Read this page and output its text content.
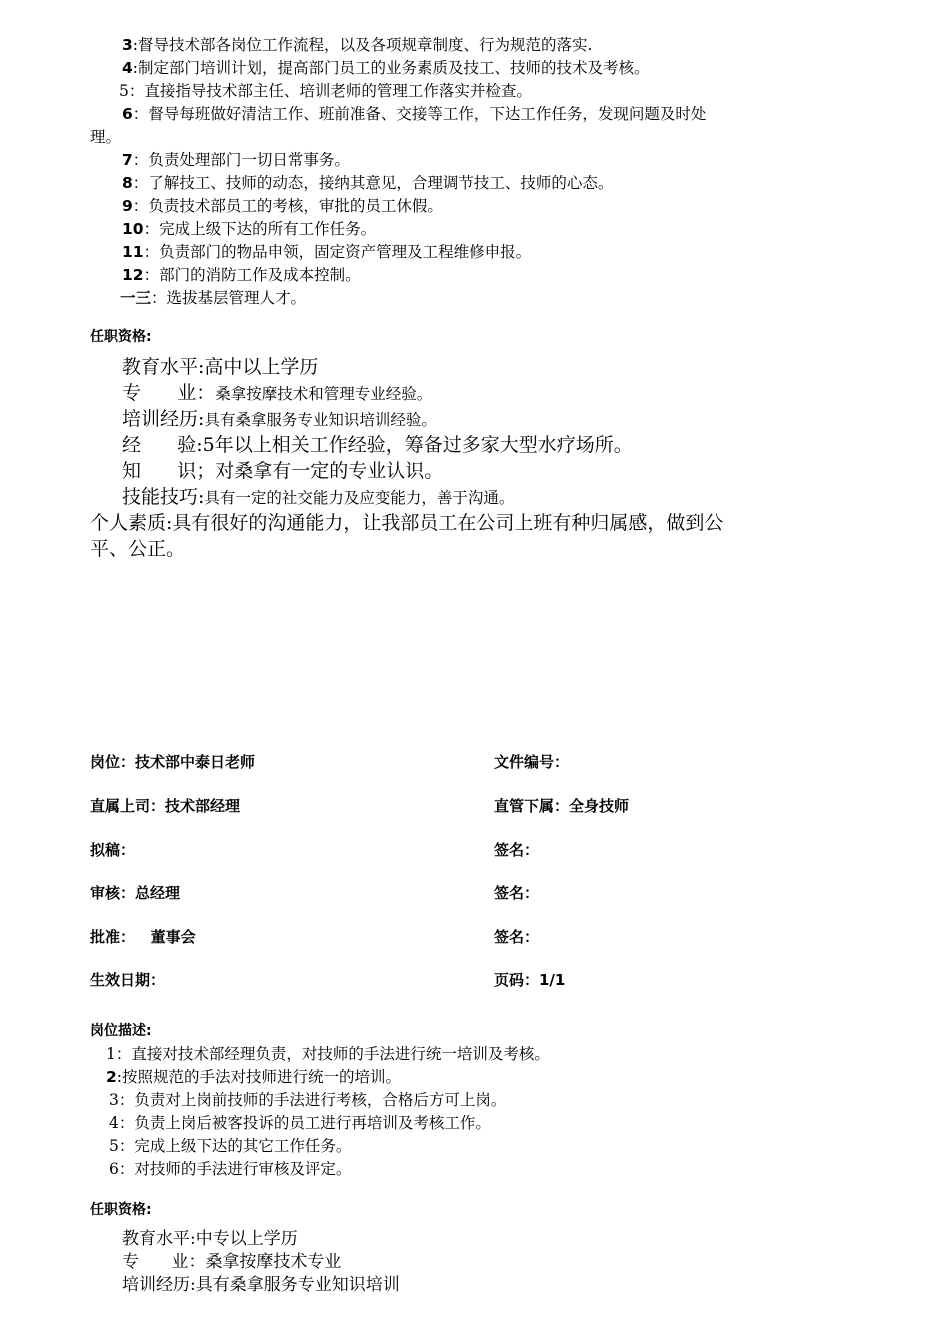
3:督导技术部各岗位工作流程，以及各项规章制度、行为规范的落实.
4:制定部门培训计划，提高部门员工的业务素质及技工、技师的技术及考核。
5：直接指导技术部主任、培训老师的管理工作落实并检查。
6：督导每班做好清洁工作、班前准备、交接等工作，下达工作任务，发现问题及时处
理。
7：负责处理部门一切日常事务。
8：了解技工、技师的动态，接纳其意见，合理调节技工、技师的心态。
9：负责技术部员工的考核，审批的员工休假。
10：完成上级下达的所有工作任务。
11：负责部门的物品申领，固定资产管理及工程维修申报。
12：部门的消防工作及成本控制。
一三：选拔基层管理人才。
任职资格:
教育水平:高中以上学历
专      业：桑拿按摩技术和管理专业经验。
培训经历:具有桑拿服务专业知识培训经验。
经      验:5年以上相关工作经验，筹备过多家大型水疗场所。
知      识；对桑拿有一定的专业认识。
技能技巧:具有一定的社交能力及应变能力，善于沟通。
个人素质:具有很好的沟通能力，让我部员工在公司上班有种归属感，做到公
平、公正。
岗位：技术部中泰日老师	文件编号：
直属上司：技术部经理	直管下属：全身技师
拟稿：	签名：
审核：总经理	签名：
批准：   董事会	签名：
生效日期：	页码：1/1
岗位描述:
1：直接对技术部经理负责，对技师的手法进行统一培训及考核。
2:按照规范的手法对技师进行统一的培训。
3：负责对上岗前技师的手法进行考核，合格后方可上岗。
4：负责上岗后被客投诉的员工进行再培训及考核工作。
5：完成上级下达的其它工作任务。
6：对技师的手法进行审核及评定。
任职资格:
教育水平:中专以上学历
专      业：桑拿按摩技术专业
培训经历:具有桑拿服务专业知识培训
